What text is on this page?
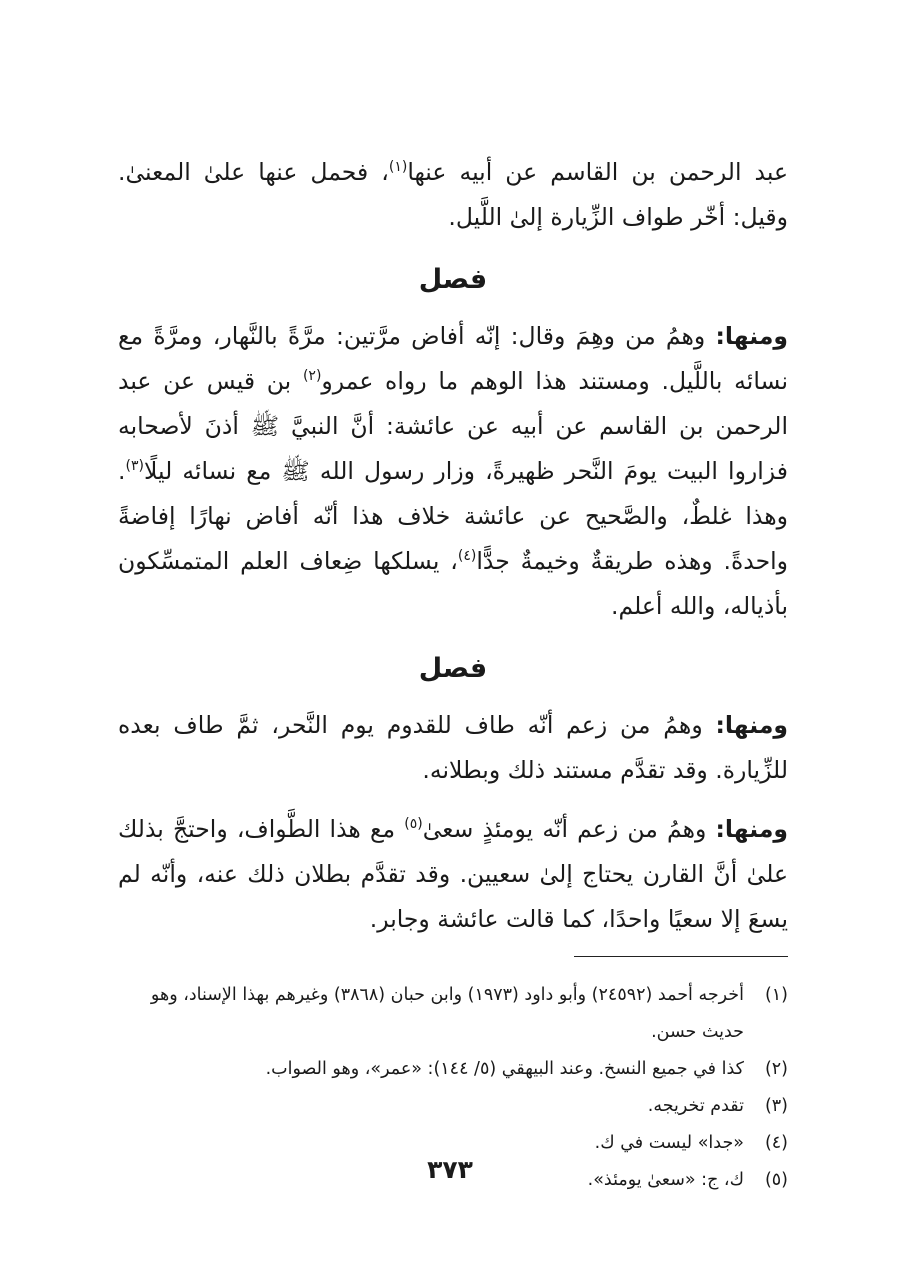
عبد الرحمن بن القاسم عن أبيه عنها$^{(١)}$، فحمل عنها علىٰ المعنىٰ. وقيل: أخّر طواف الزِّيارة إلىٰ اللَّيل.

فصل

ومنها: وهمُ من وهِمَ وقال: إنّه أفاض مرَّتين: مرَّةً بالنَّهار، ومرَّةً مع نسائه باللَّيل. ومستند هذا الوهم ما رواه عمرو$^{(٢)}$ بن قيس عن عبد الرحمن بن القاسم عن أبيه عن عائشة: أنَّ النبيَّ ﷺ أذنَ لأصحابه فزاروا البيت يومَ النَّحر ظهيرةً، وزار رسول الله ﷺ مع نسائه ليلًا$^{(٣)}$. وهذا غلطٌ، والصَّحيح عن عائشة خلاف هذا أنّه أفاض نهارًا إفاضةً واحدةً. وهذه طريقةٌ وخيمةٌ جدًّا$^{(٤)}$، يسلكها ضِعاف العلم المتمسِّكون بأذياله، والله أعلم.

فصل

ومنها: وهمُ من زعم أنّه طاف للقدوم يوم النَّحر، ثمَّ طاف بعده للزِّيارة. وقد تقدَّم مستند ذلك وبطلانه.

ومنها: وهمُ من زعم أنّه يومئذٍ سعىٰ$^{(٥)}$ مع هذا الطَّواف، واحتجَّ بذلك علىٰ أنَّ القارن يحتاج إلىٰ سعيين. وقد تقدَّم بطلان ذلك عنه، وأنّه لم يسعَ إلا سعيًا واحدًا، كما قالت عائشة وجابر.

(١)
أخرجه أحمد (٢٤٥٩٢) وأبو داود (١٩٧٣) وابن حبان (٣٨٦٨) وغيرهم بهذا الإسناد، وهو حديث حسن.
(٢)
كذا في جميع النسخ. وعند البيهقي (٥/ ١٤٤): «عمر»، وهو الصواب.
(٣)
تقدم تخريجه.
(٤)
«جدا» ليست في ك.
(٥)
ك، ج: «سعىٰ يومئذ».
٣٧٣
